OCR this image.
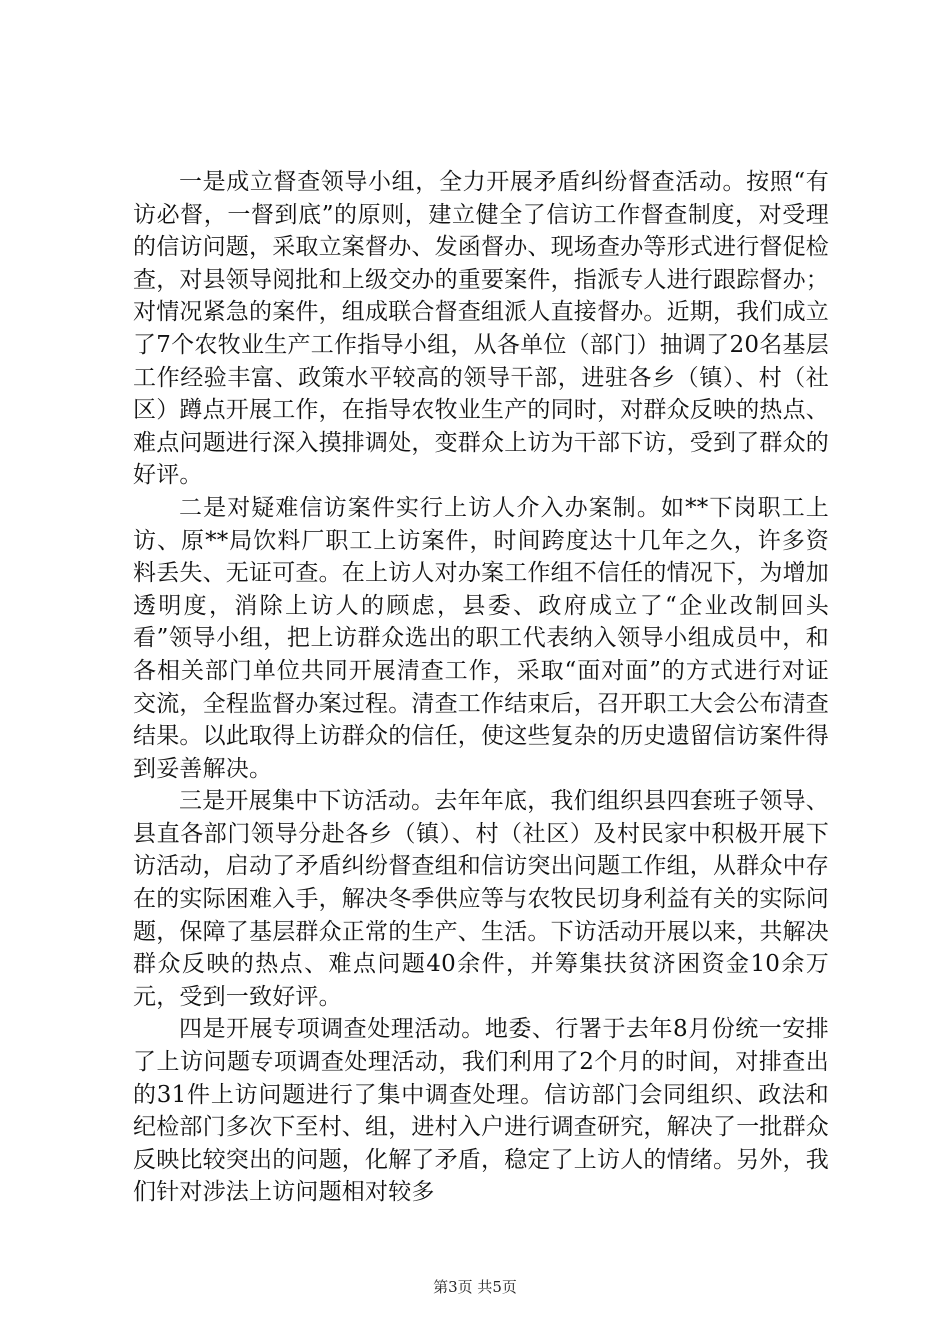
一是成立督查领导小组，全力开展矛盾纠纷督查活动。按照“有访必督，一督到底”的原则，建立健全了信访工作督查制度，对受理的信访问题，采取立案督办、发函督办、现场查办等形式进行督促检查，对县领导阅批和上级交办的重要案件，指派专人进行跟踪督办；对情况紧急的案件，组成联合督查组派人直接督办。近期，我们成立了7个农牧业生产工作指导小组，从各单位（部门）抽调了20名基层工作经验丰富、政策水平较高的领导干部，进驻各乡（镇）、村（社区）蹲点开展工作，在指导农牧业生产的同时，对群众反映的热点、难点问题进行深入摸排调处，变群众上访为干部下访，受到了群众的好评。

二是对疑难信访案件实行上访人介入办案制。如**下岗职工上访、原**局饮料厂职工上访案件，时间跨度达十几年之久，许多资料丢失、无证可查。在上访人对办案工作组不信任的情况下，为增加透明度，消除上访人的顾虑，县委、政府成立了“企业改制回头看”领导小组，把上访群众选出的职工代表纳入领导小组成员中，和各相关部门单位共同开展清查工作，采取“面对面”的方式进行对证交流，全程监督办案过程。清查工作结束后，召开职工大会公布清查结果。以此取得上访群众的信任，使这些复杂的历史遗留信访案件得到妥善解决。

三是开展集中下访活动。去年年底，我们组织县四套班子领导、县直各部门领导分赴各乡（镇）、村（社区）及村民家中积极开展下访活动，启动了矛盾纠纷督查组和信访突出问题工作组，从群众中存在的实际困难入手，解决冬季供应等与农牧民切身利益有关的实际问题，保障了基层群众正常的生产、生活。下访活动开展以来，共解决群众反映的热点、难点问题40余件，并筹集扶贫济困资金10余万元，受到一致好评。

四是开展专项调查处理活动。地委、行署于去年8月份统一安排了上访问题专项调查处理活动，我们利用了2个月的时间，对排查出的31件上访问题进行了集中调查处理。信访部门会同组织、政法和纪检部门多次下至村、组，进村入户进行调查研究，解决了一批群众反映比较突出的问题，化解了矛盾，稳定了上访人的情绪。另外，我们针对涉法上访问题相对较多

第3页 共5页
